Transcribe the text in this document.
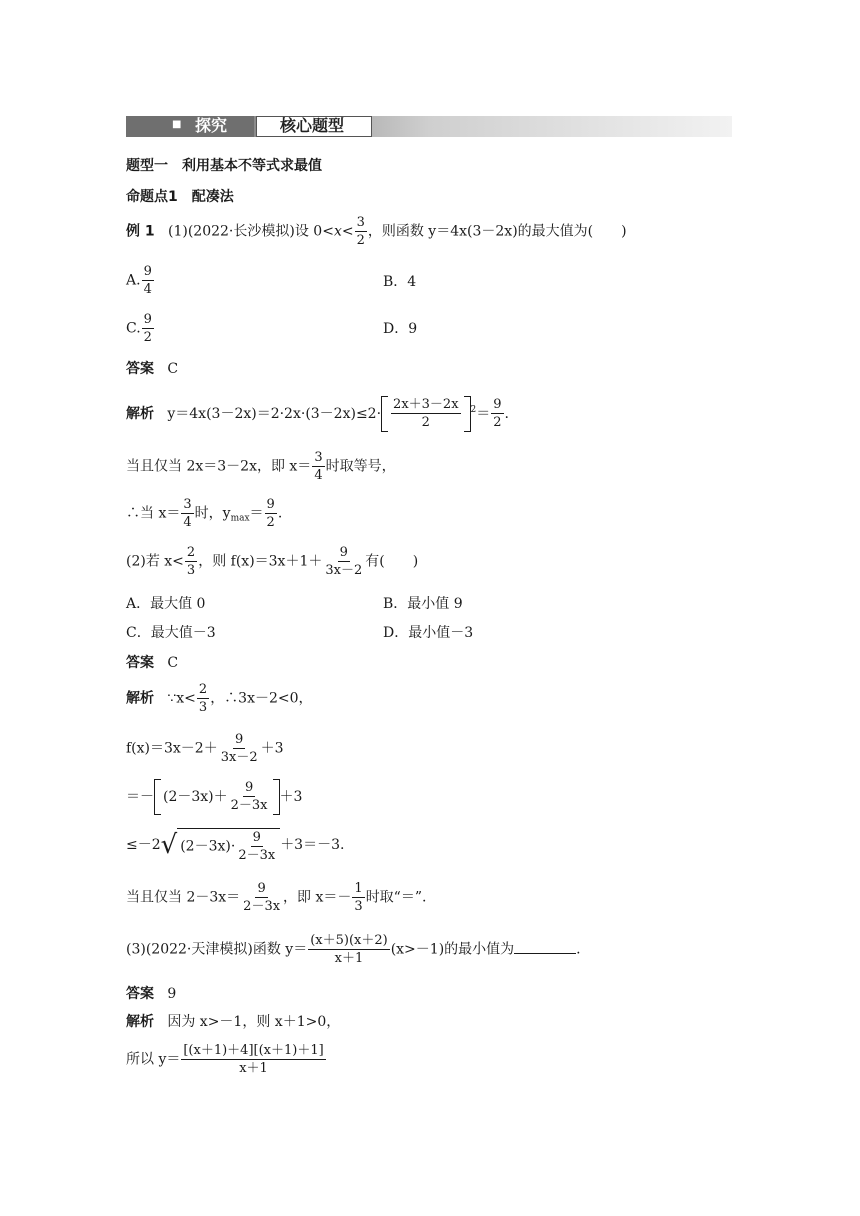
■ 探究	核心题型
题型一　利用基本不等式求最值
命题点1　配凑法
例 1 (1)(2022·长沙模拟)设 $0<x< \frac{3}{2}$ ，则函数 y＝4x(3－2x)的最大值为(　　)
A. $\frac{9}{4}$	B．4
C. $\frac{9}{2}$	D．9
答案 C
解析 $y=4x(3-2x)=2\cdot 2x\cdot(3-2x)\le 2\cdot \frac{2x+3-2x}{2} ^2= \frac{9}{2}$ .
当且仅当 2x＝3－2x，即 $x= \frac{3}{4}$ 时取等号，
∴当 $x= \frac{3}{4}$ 时，$y_{max}= \frac{9}{2}$ .
(2)若 $x< \frac{2}{3}$ ，则 $f(x)=3x+1+ \frac{9}{3x-2}$ 有(　　)
A．最大值 0	B．最小值 9
C．最大值－3	D．最小值－3
答案 C
解析 ∵x< $\frac{2}{3}$ ，∴3x－2<0，
$f(x)=3x-2+ \frac{9}{3x-2} +3$
＝－ $(2-3x)+ \frac{9}{2-3x} +3$
≤－2 √ $(2-3x)\cdot \frac{9}{2-3x} +3=-3$.
当且仅当 $2-3x= \frac{9}{2-3x}$ ，即 $x=- \frac{1}{3}$ 时取“＝”.
(3)(2022·天津模拟)函数 $y= \frac{(x+5)(x+2)}{x+1} (x>-1)$的最小值为	.
答案 9
解析 因为 x>－1，则 x＋1>0，
所以 $y= \frac{[(x+1)+4][(x+1)+1]}{x+1}$
